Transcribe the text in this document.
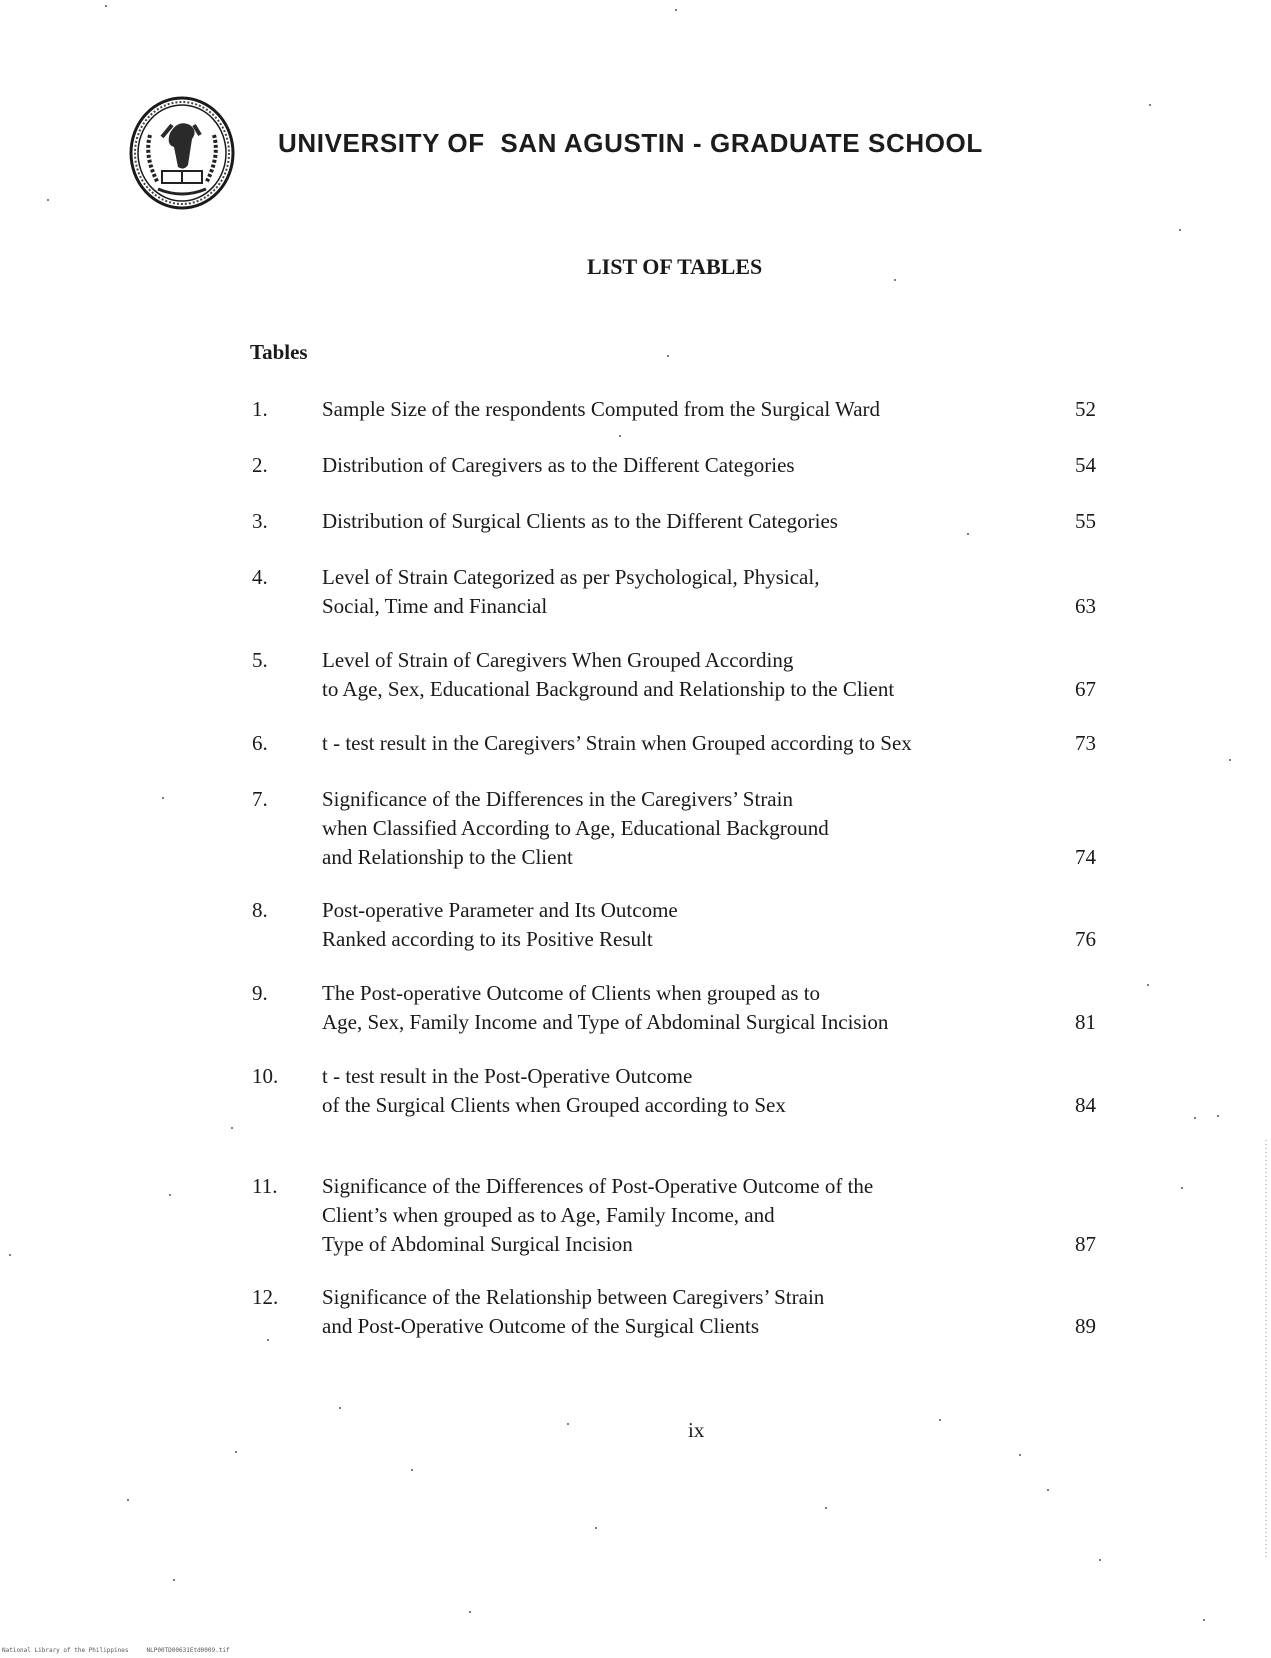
UNIVERSITY OF  SAN AGUSTIN - GRADUATE SCHOOL
LIST OF TABLES
Tables
1.	Sample Size of the respondents Computed from the Surgical Ward	52
2.	Distribution of Caregivers as to the Different Categories	54
3.	Distribution of Surgical Clients as to the Different Categories	55
4.	Level of Strain Categorized as per Psychological, Physical,
Social, Time and Financial	63
5.	Level of Strain of Caregivers When Grouped According
to Age, Sex, Educational Background and Relationship to the Client	67
6.	t - test result in the Caregivers’ Strain when Grouped according to Sex	73
7.	Significance of the Differences in the Caregivers’ Strain
when Classified According to Age, Educational Background
and Relationship to the Client	74
8.	Post-operative Parameter and Its Outcome
Ranked according to its Positive Result	76
9.	The Post-operative Outcome of Clients when grouped as to
Age, Sex, Family Income and Type of Abdominal Surgical Incision	81
10. t - test result in the Post-Operative Outcome
of the Surgical Clients when Grouped according to Sex	84
11. Significance of the Differences of Post-Operative Outcome of the
Client’s when grouped as to Age, Family Income, and
Type of Abdominal Surgical Incision	87
12. Significance of the Relationship between Caregivers’ Strain
and Post-Operative Outcome of the Surgical Clients	89
ix
National Library of the Philippines     NLP00TD00631Etd0009.tif
